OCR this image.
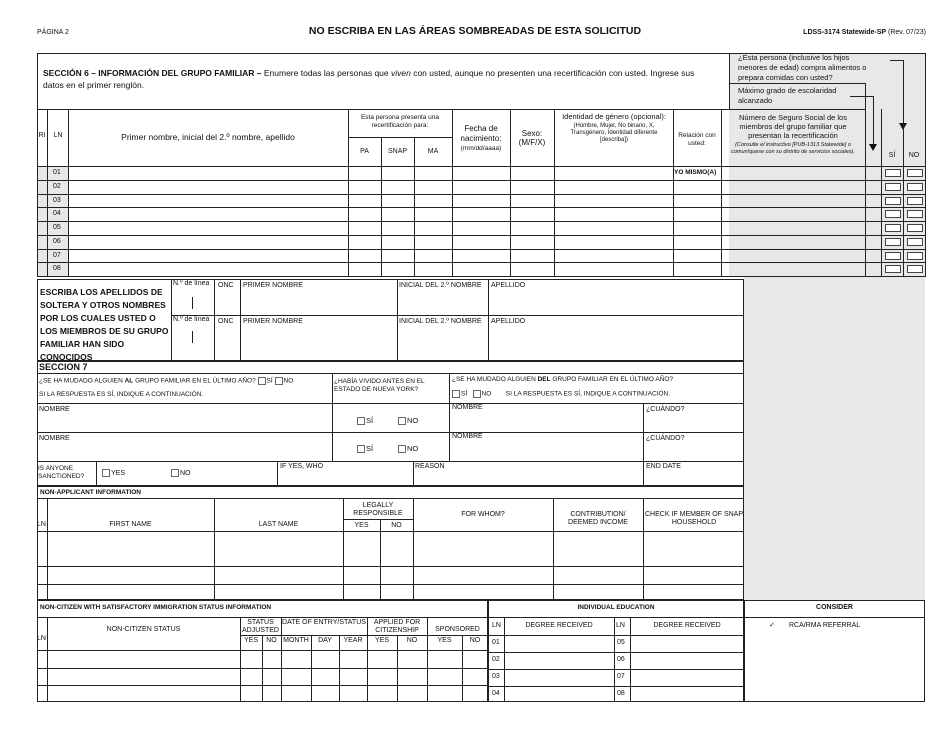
PÁGINA 2	NO ESCRIBA EN LAS ÁREAS SOMBREADAS DE ESTA SOLICITUD	LDSS-3174 Statewide-SP (Rev. 07/23)
SECCIÓN 6 – INFORMACIÓN DEL GRUPO FAMILIAR – Enumere todas las personas que viven con usted, aunque no presenten una recertificación con usted. Ingrese sus
datos en el primer renglón.
¿Esta persona (inclusive los hijos menores de edad) compra alimentos o prepara comidas con usted?
Máximo grado de escolaridad alcanzado
RI	LN	Primer nombre, inicial del 2.º nombre, apellido
Esta persona presenta una recertificación para:
PA	SNAP	MA
Fecha de nacimiento:
(mm/dd/aaaa)
Sexo: (M/F/X)
Identidad de género (opcional):
(Hombre, Mujer, No binario, X, Transgénero, Identidad diferente [describa])
Relación con usted:
Número de Seguro Social de los miembros del grupo familiar que presentan la recertificación
(Consulte el instructivo [PUB-1313 Statewide] o comuníquese con su distrito de servicios sociales).	SÍ	NO
01	YO MISMO(A)
02
03
04
05
06
07
08
ESCRIBA LOS APELLIDOS DE SOLTERA Y OTROS NOMBRES POR LOS CUALES USTED O LOS MIEMBROS DE SU GRUPO FAMILIAR HAN SIDO CONOCIDOS
N.º de línea ONC PRIMER NOMBRE	INICIAL DEL 2.º NOMBRE APELLIDO
N.º de línea ONC PRIMER NOMBRE	INICIAL DEL 2.º NOMBRE APELLIDO
SECCION 7
¿SE HA MUDADO ALGUIEN AL GRUPO FAMILIAR EN EL ÚLTIMO AÑO? SÍ NO
SI LA RESPUESTA ES SÍ, INDIQUE A CONTINUACIÓN.
¿HABÍA VIVIDO ANTES EN EL ESTADO DE NUEVA YORK?
¿SE HA MUDADO ALGUIEN DEL GRUPO FAMILIAR EN EL ÚLTIMO AÑO?
SÍ NO SI LA RESPUESTA ES SÍ, INDIQUE A CONTINUACIÓN.
NOMBRE	NOMBRE	¿CUÁNDO?
SÍ	NO
NOMBRE	NOMBRE	¿CUÁNDO?
SÍ	NO
IS ANYONE SANCTIONED?	YES	NO
IF YES, WHO	REASON	END DATE
NON-APPLICANT INFORMATION
LN	FIRST NAME	LAST NAME
LEGALLY RESPONSIBLE
YES	NO
FOR WHOM?	CONTRIBUTION/ DEEMED INCOME
CHECK IF MEMBER OF SNAP HOUSEHOLD
NON-CITIZEN WITH SATISFACTORY IMMIGRATION STATUS INFORMATION
LN
NON-CITIZEN STATUS
STATUS ADJUSTED
DATE OF ENTRY/STATUS	APPLIED FOR CITIZENSHIP	SPONSORED
YES	NO MONTH	DAY	YEAR	YES	NO	YES	NO
INDIVIDUAL EDUCATION
LN	DEGREE RECEIVED	LN	DEGREE RECEIVED
01	05
02	06
03	07
04	08
CONSIDER
✓ RCA/RMA REFERRAL
